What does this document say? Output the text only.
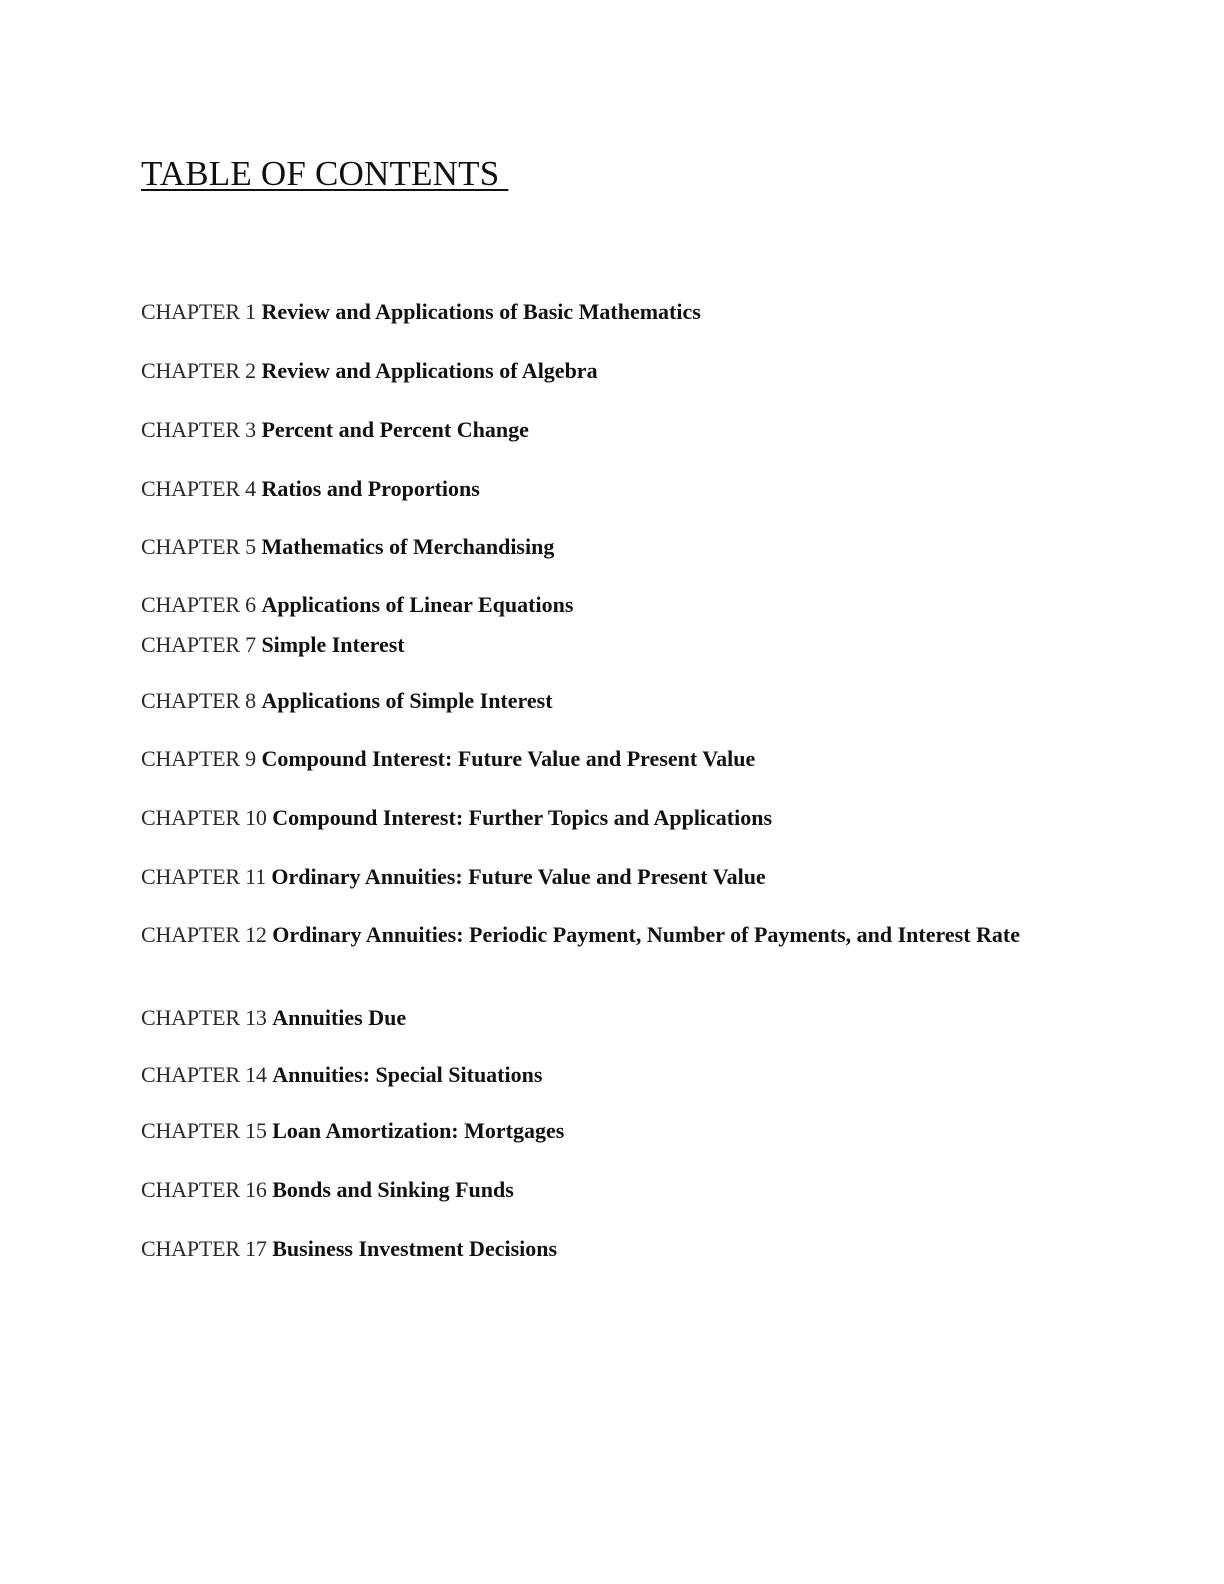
TABLE OF CONTENTS
CHAPTER 1 Review and Applications of Basic Mathematics
CHAPTER 2 Review and Applications of Algebra
CHAPTER 3 Percent and Percent Change
CHAPTER 4 Ratios and Proportions
CHAPTER 5 Mathematics of Merchandising
CHAPTER 6 Applications of Linear Equations
CHAPTER 7 Simple Interest
CHAPTER 8 Applications of Simple Interest
CHAPTER 9 Compound Interest: Future Value and Present Value
CHAPTER 10 Compound Interest: Further Topics and Applications
CHAPTER 11 Ordinary Annuities: Future Value and Present Value
CHAPTER 12 Ordinary Annuities: Periodic Payment, Number of Payments, and Interest Rate
CHAPTER 13 Annuities Due
CHAPTER 14 Annuities: Special Situations
CHAPTER 15 Loan Amortization: Mortgages
CHAPTER 16 Bonds and Sinking Funds
CHAPTER 17 Business Investment Decisions
